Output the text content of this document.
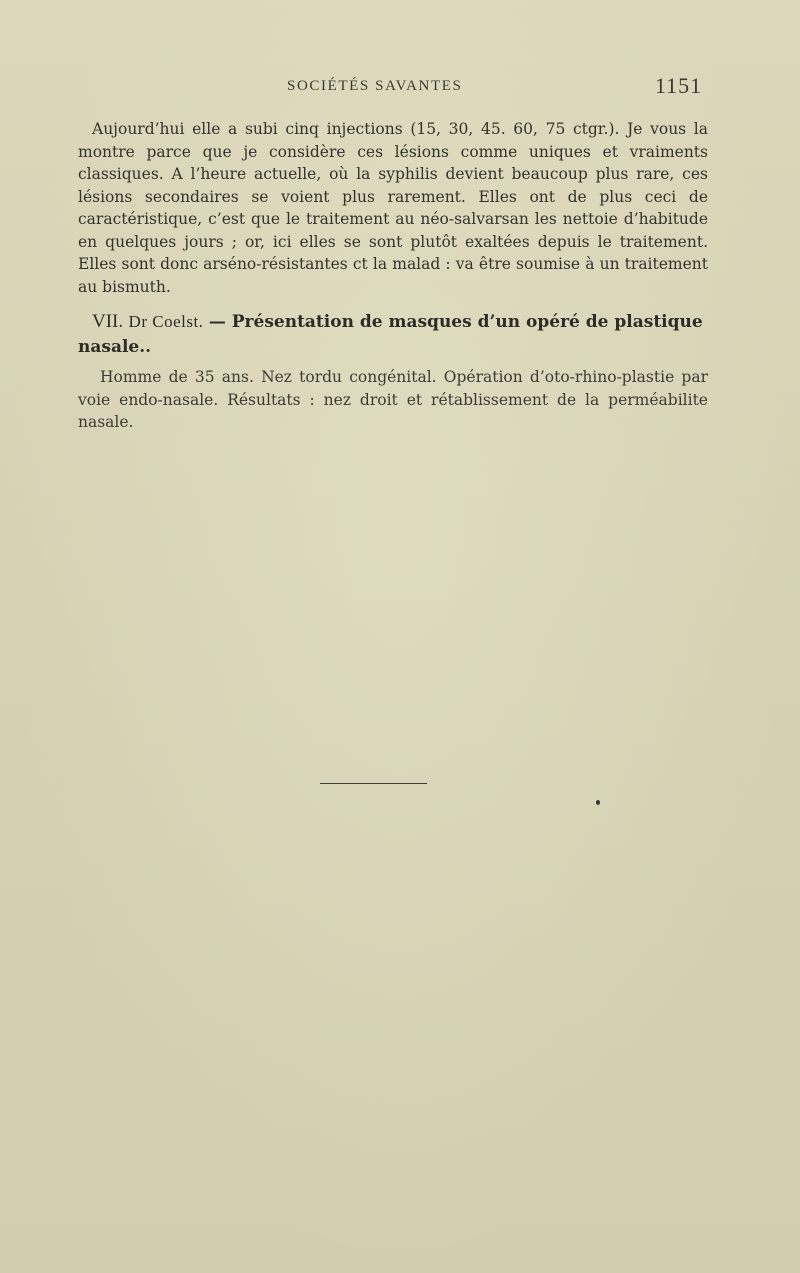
SOCIÉTÉS SAVANTES	1151

Aujourd’hui elle a subi cinq injections (15, 30, 45. 60, 75 ctgr.). Je vous la montre parce que je considère ces lésions comme uniques et vraiments classiques. A l’heure actuelle, où la syphilis devient beaucoup plus rare, ces lésions secondaires se voient plus rarement. Elles ont de plus ceci de caractéristique, c’est que le traitement au néo-salvarsan les nettoie d’habitude en quelques jours ; or, ici elles se sont plutôt exaltées depuis le traitement. Elles sont donc arséno-résistantes ct la malad : va être soumise à un traitement au bismuth.

VII. Dr Coelst. — Présentation de masques d’un opéré de plastique nasale..

Homme de 35 ans. Nez tordu congénital. Opération d’oto-rhino-plastie par voie endo-nasale. Résultats : nez droit et rétablissement de la perméabilite nasale.
